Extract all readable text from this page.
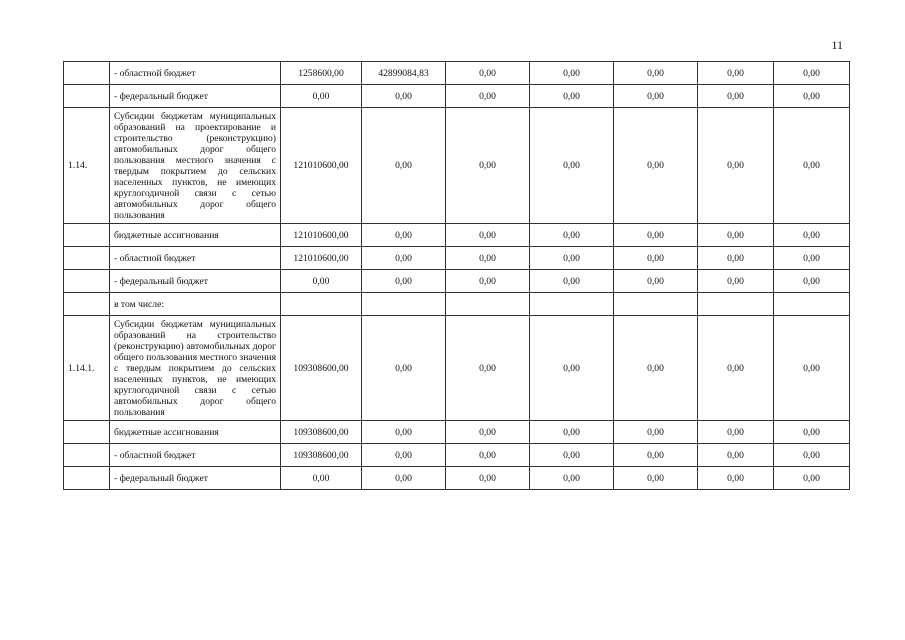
11
	- областной бюджет	1258600,00	42899084,83	0,00	0,00	0,00	0,00	0,00
	- федеральный бюджет	0,00	0,00	0,00	0,00	0,00	0,00	0,00
1.14.	Субсидии бюджетам муниципальных образований на проектирование и строительство (реконструкцию) автомобильных дорог общего пользования местного значения с твердым покрытием до сельских населенных пунктов, не имеющих круглогодичной связи с сетью автомобильных дорог общего пользования	121010600,00	0,00	0,00	0,00	0,00	0,00	0,00
	бюджетные ассигнования	121010600,00	0,00	0,00	0,00	0,00	0,00	0,00
	- областной бюджет	121010600,00	0,00	0,00	0,00	0,00	0,00	0,00
	- федеральный бюджет	0,00	0,00	0,00	0,00	0,00	0,00	0,00
	в том числе:							
1.14.1.	Субсидии бюджетам муниципальных образований на строительство (реконструкцию) автомобильных дорог общего пользования местного значения с твердым покрытием до сельских населенных пунктов, не имеющих круглогодичной связи с сетью автомобильных дорог общего пользования	109308600,00	0,00	0,00	0,00	0,00	0,00	0,00
	бюджетные ассигнования	109308600,00	0,00	0,00	0,00	0,00	0,00	0,00
	- областной бюджет	109308600,00	0,00	0,00	0,00	0,00	0,00	0,00
	- федеральный бюджет	0,00	0,00	0,00	0,00	0,00	0,00	0,00
